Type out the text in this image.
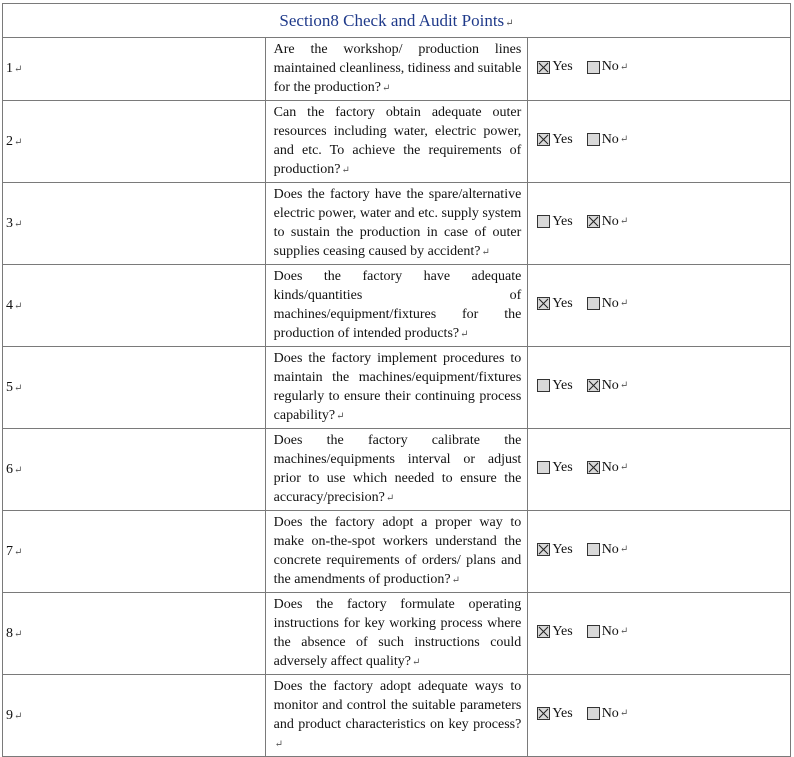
Section8 Check and Audit Points↵		
1↵	Are the workshop/ production lines maintained cleanliness, tidiness and suitable for the production?↵	Yes No ↵

2↵	Can the factory obtain adequate outer resources including water, electric power, and etc. To achieve the requirements of production?↵	Yes No ↵

3↵	Does the factory have the spare/alternative electric power, water and etc. supply system to sustain the production in case of outer supplies ceasing caused by accident?↵	Yes No ↵

4↵	Does the factory have adequate kinds/quantities of machines/equipment/fixtures for the production of intended products?↵	Yes No ↵

5↵	Does the factory implement procedures to maintain the machines/equipment/fixtures regularly to ensure their continuing process capability?↵	Yes No ↵

6↵	Does the factory calibrate the machines/equipments interval or adjust prior to use which needed to ensure the accuracy/precision?↵	Yes No ↵

7↵	Does the factory adopt a proper way to make on-the-spot workers understand the concrete requirements of orders/ plans and the amendments of production?↵	Yes No ↵

8↵	Does the factory formulate operating instructions for key working process where the absence of such instructions could adversely affect quality?↵	Yes No ↵

9↵	Does the factory adopt adequate ways to monitor and control the suitable parameters and product characteristics on key process?↵	Yes No ↵
